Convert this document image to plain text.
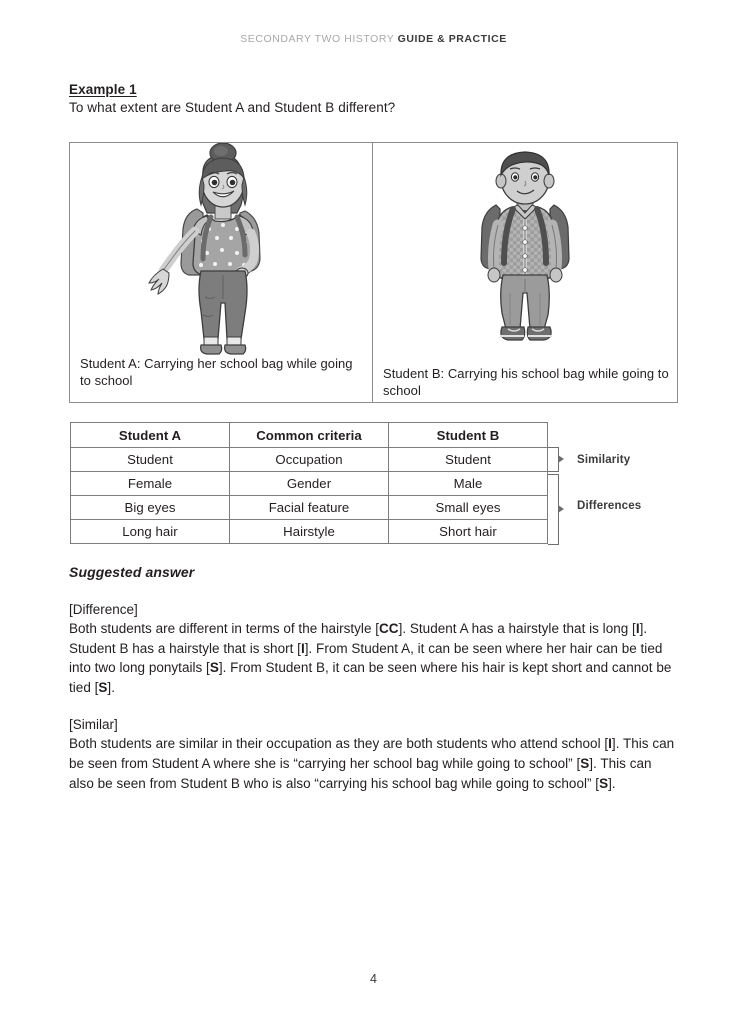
SECONDARY TWO HISTORY GUIDE & PRACTICE

Example 1

To what extent are Student A and Student B different?

Student A: Carrying her school bag while going to school	Student B: Carrying his school bag while going to school
Student A	Common criteria	Student B
Student	Occupation	Student
Female	Gender	Male
Big eyes	Facial feature	Small eyes
Long hair	Hairstyle	Short hair
Similarity
Differences

Suggested answer

[Difference]

Both students are different in terms of the hairstyle [CC]. Student A has a hairstyle that is long [I]. Student B has a hairstyle that is short [I]. From Student A, it can be seen where her hair can be tied into two long ponytails [S]. From Student B, it can be seen where his hair is kept short and cannot be tied [S].

[Similar]

Both students are similar in their occupation as they are both students who attend school [I]. This can be seen from Student A where she is “carrying her school bag while going to school” [S]. This can also be seen from Student B who is also “carrying his school bag while going to school” [S].

4
